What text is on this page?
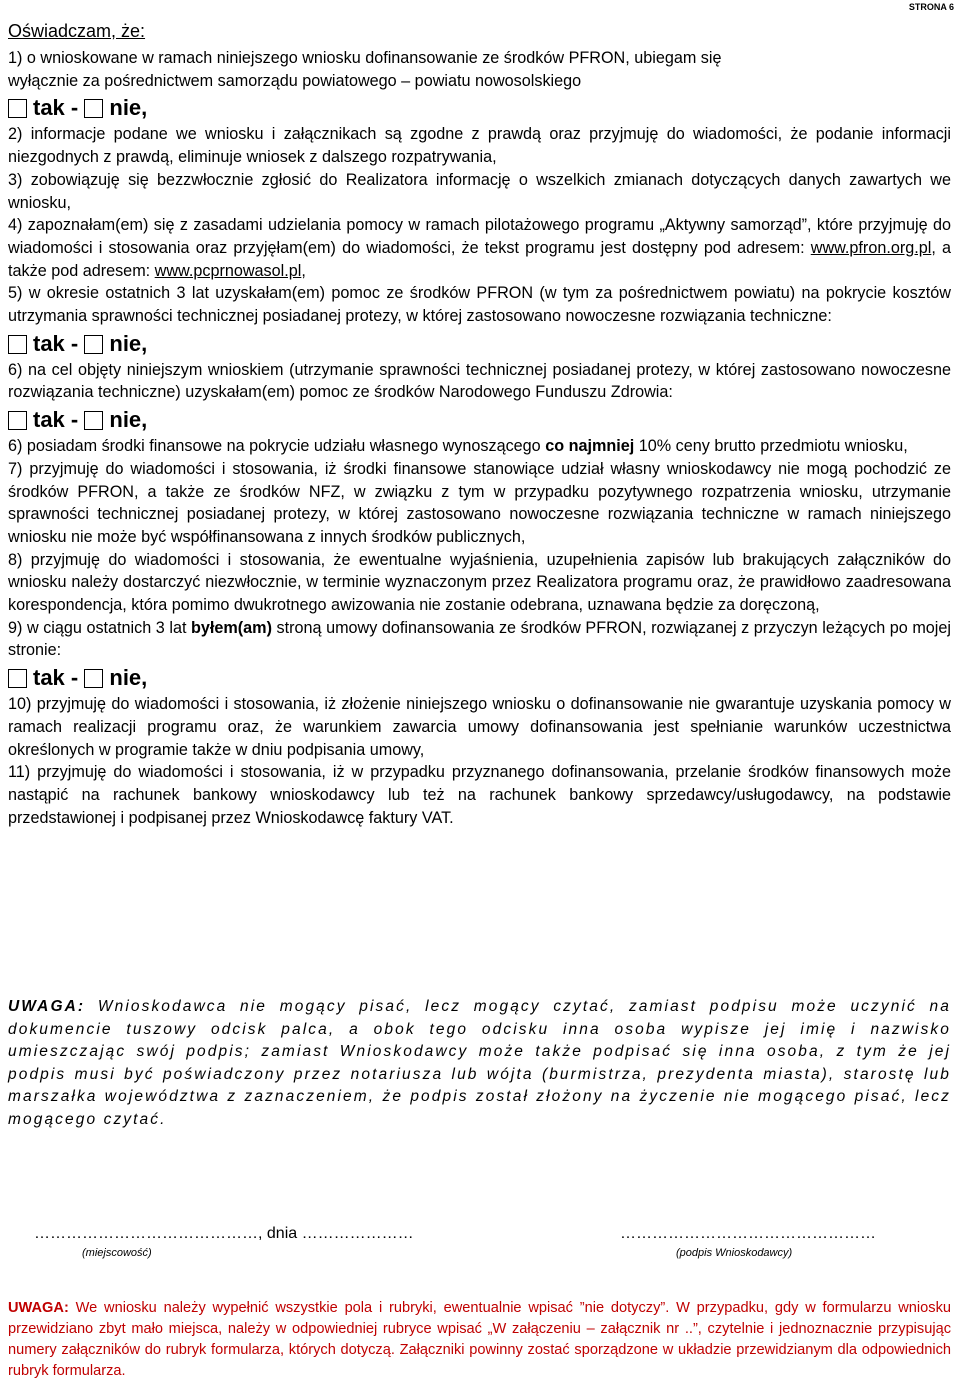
STRONA 6
Oświadczam, że:

1) o wnioskowane w ramach niniejszego wniosku dofinansowanie ze środków PFRON, ubiegam się

wyłącznie za pośrednictwem samorządu powiatowego – powiatu nowosolskiego

tak - nie,

2) informacje podane we wniosku i załącznikach są zgodne z prawdą oraz przyjmuję do wiadomości, że podanie informacji niezgodnych z prawdą, eliminuje wniosek z dalszego rozpatrywania,

3) zobowiązuję się bezzwłocznie zgłosić do Realizatora informację o wszelkich zmianach dotyczących danych zawartych we wniosku,

4) zapoznałam(em) się z zasadami udzielania pomocy w ramach pilotażowego programu „Aktywny samorząd”, które przyjmuję do wiadomości i stosowania oraz przyjęłam(em) do wiadomości, że tekst programu jest dostępny pod adresem: www.pfron.org.pl, a także pod adresem: www.pcprnowasol.pl,

5) w okresie ostatnich 3 lat uzyskałam(em) pomoc ze środków PFRON (w tym za pośrednictwem powiatu) na pokrycie kosztów utrzymania sprawności technicznej posiadanej protezy, w której zastosowano nowoczesne rozwiązania techniczne:

tak - nie,

6) na cel objęty niniejszym wnioskiem (utrzymanie sprawności technicznej posiadanej protezy, w której zastosowano nowoczesne rozwiązania techniczne) uzyskałam(em) pomoc ze środków Narodowego Funduszu Zdrowia:

tak - nie,

6) posiadam środki finansowe na pokrycie udziału własnego wynoszącego co najmniej 10% ceny brutto przedmiotu wniosku,

7) przyjmuję do wiadomości i stosowania, iż środki finansowe stanowiące udział własny wnioskodawcy nie mogą pochodzić ze środków PFRON, a także ze środków NFZ, w związku z tym w przypadku pozytywnego rozpatrzenia wniosku, utrzymanie sprawności technicznej posiadanej protezy, w której zastosowano nowoczesne rozwiązania techniczne w ramach niniejszego wniosku nie może być współfinansowana z innych środków publicznych,

8) przyjmuję do wiadomości i stosowania, że ewentualne wyjaśnienia, uzupełnienia zapisów lub brakujących załączników do wniosku należy dostarczyć niezwłocznie, w terminie wyznaczonym przez Realizatora programu oraz, że prawidłowo zaadresowana korespondencja, która pomimo dwukrotnego awizowania nie zostanie odebrana, uznawana będzie za doręczoną,

9) w ciągu ostatnich 3 lat byłem(am) stroną umowy dofinansowania ze środków PFRON, rozwiązanej z przyczyn leżących po mojej stronie:

tak - nie,

10) przyjmuję do wiadomości i stosowania, iż złożenie niniejszego wniosku o dofinansowanie nie gwarantuje uzyskania pomocy w ramach realizacji programu oraz, że warunkiem zawarcia umowy dofinansowania jest spełnianie warunków uczestnictwa określonych w programie także w dniu podpisania umowy,

11) przyjmuję do wiadomości i stosowania, iż w przypadku przyznanego dofinansowania, przelanie środków finansowych może nastąpić na rachunek bankowy wnioskodawcy lub też na rachunek bankowy sprzedawcy/usługodawcy, na podstawie przedstawionej i podpisanej przez Wnioskodawcę faktury VAT.

UWAGA: Wnioskodawca nie mogący pisać, lecz mogący czytać, zamiast podpisu może uczynić na dokumencie tuszowy odcisk palca, a obok tego odcisku inna osoba wypisze jej imię i nazwisko umieszczając swój podpis; zamiast Wnioskodawcy może także podpisać się inna osoba, z tym że jej podpis musi być poświadczony przez notariusza lub wójta (burmistrza, prezydenta miasta), starostę lub marszałka województwa z zaznaczeniem, że podpis został złożony na życzenie nie mogącego pisać, lecz mogącego czytać.
……………………………………, dnia …………………
(miejscowość)
…………………………………………
(podpis Wnioskodawcy)
UWAGA: We wniosku należy wypełnić wszystkie pola i rubryki, ewentualnie wpisać ”nie dotyczy”. W przypadku, gdy w formularzu wniosku przewidziano zbyt mało miejsca, należy w odpowiedniej rubryce wpisać „W załączeniu – załącznik nr ..”, czytelnie i jednoznacznie przypisując numery załączników do rubryk formularza, których dotyczą. Załączniki powinny zostać sporządzone w układzie przewidzianym dla odpowiednich rubryk formularza.
